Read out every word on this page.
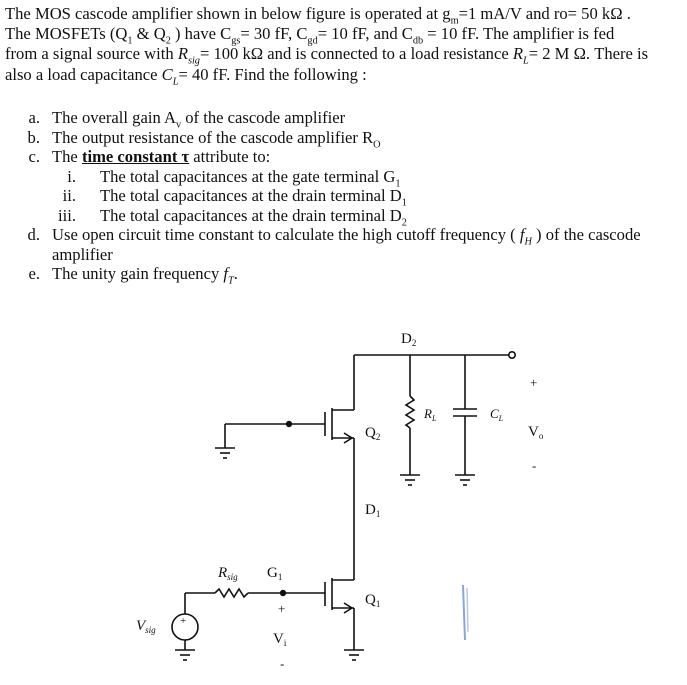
The MOS cascode amplifier shown in below figure is operated at $g_m=1$ mA/V and ro= 50 kΩ .

The MOSFETs ($Q_1$ & $Q_2$ ) have $C_{gs}= 30$ fF, $C_{gd}= 10$ fF, and $C_{db} = 10$ fF. The amplifier is fed

from a signal source with $R_{sig}= 100$ kΩ and is connected to a load resistance $R_L= 2$ M Ω. There is

also a load capacitance $C_L= 40$ fF. Find the following :

a. The overall gain $A_v$ of the cascode amplifier
b. The output resistance of the cascode amplifier $R_O$
c. The time constant τ attribute to:
i. The total capacitances at the gate terminal $G_1$
ii. The total capacitances at the drain terminal $D_1$
iii. The total capacitances at the drain terminal $D_2$
d. Use open circuit time constant to calculate the high cutoff frequency ( $f_H$ ) of the cascode amplifier
e. The unity gain frequency $f_T$.
$D_2$
$Q_2$
$D_1$
$Q_1$
$G_1$
$R_{sig}$
$R_L$	$C_L$
+
$V_o$
-
+
$V_i$
-
$V_{sig}$
+
